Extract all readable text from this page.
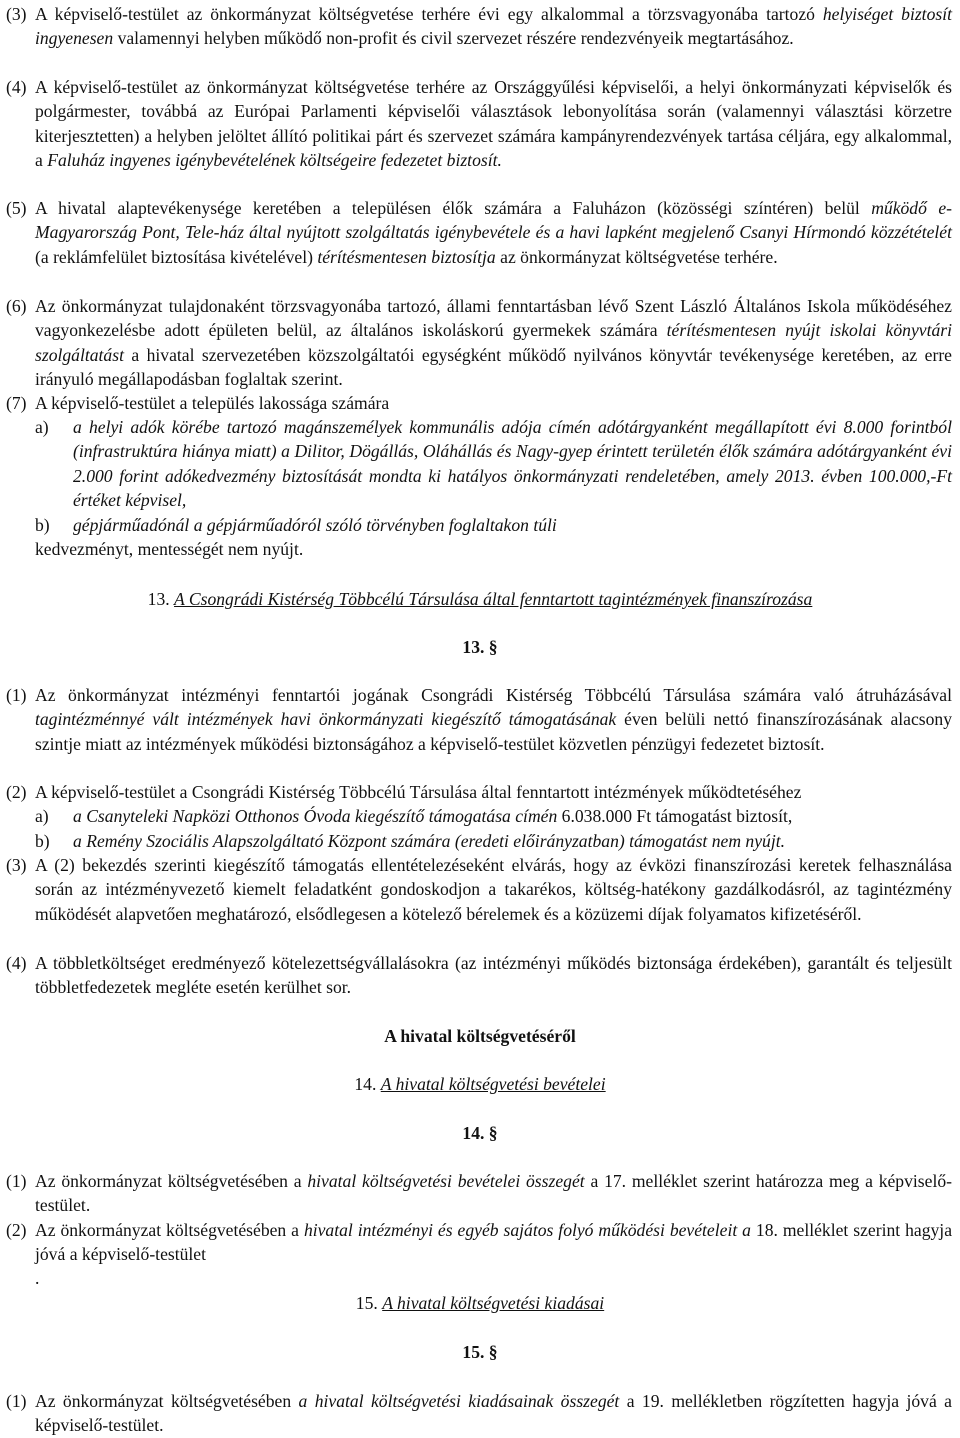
(3) A képviselő-testület az önkormányzat költségvetése terhére évi egy alkalommal a törzsvagyonába tartozó helyiséget biztosít ingyenesen valamennyi helyben működő non-profit és civil szervezet részére rendezvényeik megtartásához.
(4) A képviselő-testület az önkormányzat költségvetése terhére az Országgyűlési képviselői, a helyi önkormányzati képviselők és polgármester, továbbá az Európai Parlamenti képviselői választások lebonyolítása során (valamennyi választási körzetre kiterjesztetten) a helyben jelöltet állító politikai párt és szervezet számára kampányrendezvények tartása céljára, egy alkalommal, a Faluház ingyenes igénybevételének költségeire fedezetet biztosít.
(5) A hivatal alaptevékenysége keretében a településen élők számára a Faluházon (közösségi színtéren) belül működő e-Magyarország Pont, Tele-ház által nyújtott szolgáltatás igénybevétele és a havi lapként megjelenő Csanyi Hírmondó közzétételét (a reklámfelület biztosítása kivételével) térítésmentesen biztosítja az önkormányzat költségvetése terhére.
(6) Az önkormányzat tulajdonaként törzsvagyonába tartozó, állami fenntartásban lévő Szent László Általános Iskola működéséhez vagyonkezelésbe adott épületen belül, az általános iskoláskorú gyermekek számára térítésmentesen nyújt iskolai könyvtári szolgáltatást a hivatal szervezetében közszolgáltatói egységként működő nyilvános könyvtár tevékenysége keretében, az erre irányuló megállapodásban foglaltak szerint.
(7) A képviselő-testület a település lakossága számára
a)	a helyi adók körébe tartozó magánszemélyek kommunális adója címén adótárgyanként megállapított évi 8.000 forintból (infrastruktúra hiánya miatt) a Dilitor, Dögállás, Oláhállás és Nagy-gyep érintett területén élők számára adótárgyanként évi 2.000 forint adókedvezmény biztosítását mondta ki hatályos önkormányzati rendeletében, amely 2013. évben 100.000,-Ft értéket képvisel,
b)	gépjárműadónál a gépjárműadóról szóló törvényben foglaltakon túli
kedvezményt, mentességét nem nyújt.
13. A Csongrádi Kistérség Többcélú Társulása által fenntartott tagintézmények finanszírozása
13. §
(1) Az önkormányzat intézményi fenntartói jogának Csongrádi Kistérség Többcélú Társulása számára való átruházásával tagintézménnyé vált intézmények havi önkormányzati kiegészítő támogatásának éven belüli nettó finanszírozásának alacsony szintje miatt az intézmények működési biztonságához a képviselő-testület közvetlen pénzügyi fedezetet biztosít.
(2) A képviselő-testület a Csongrádi Kistérség Többcélú Társulása által fenntartott intézmények működtetéséhez
a)	a Csanyteleki Napközi Otthonos Óvoda kiegészítő támogatása címén 6.038.000 Ft támogatást biztosít,
b)	a Remény Szociális Alapszolgáltató Központ számára (eredeti előirányzatban) támogatást nem nyújt.
(3) A (2) bekezdés szerinti kiegészítő támogatás ellentételezéseként elvárás, hogy az évközi finanszírozási keretek felhasználása során az intézményvezető kiemelt feladatként gondoskodjon a takarékos, költség-hatékony gazdálkodásról, az tagintézmény működését alapvetően meghatározó, elsődlegesen a kötelező bérelemek és a közüzemi díjak folyamatos kifizetéséről.
(4) A többletköltséget eredményező kötelezettségvállalásokra (az intézményi működés biztonsága érdekében), garantált és teljesült többletfedezetek megléte esetén kerülhet sor.
A hivatal költségvetéséről
14. A hivatal költségvetési bevételei
14. §
(1) Az önkormányzat költségvetésében a hivatal költségvetési bevételei összegét a 17. melléklet szerint határozza meg a képviselő-testület.
(2) Az önkormányzat költségvetésében a hivatal intézményi és egyéb sajátos folyó működési bevételeit a 18. melléklet szerint hagyja jóvá a képviselő-testület
.
15. A hivatal költségvetési kiadásai
15. §
(1) Az önkormányzat költségvetésében a hivatal költségvetési kiadásainak összegét a 19. mellékletben rögzítetten hagyja jóvá a képviselő-testület.
